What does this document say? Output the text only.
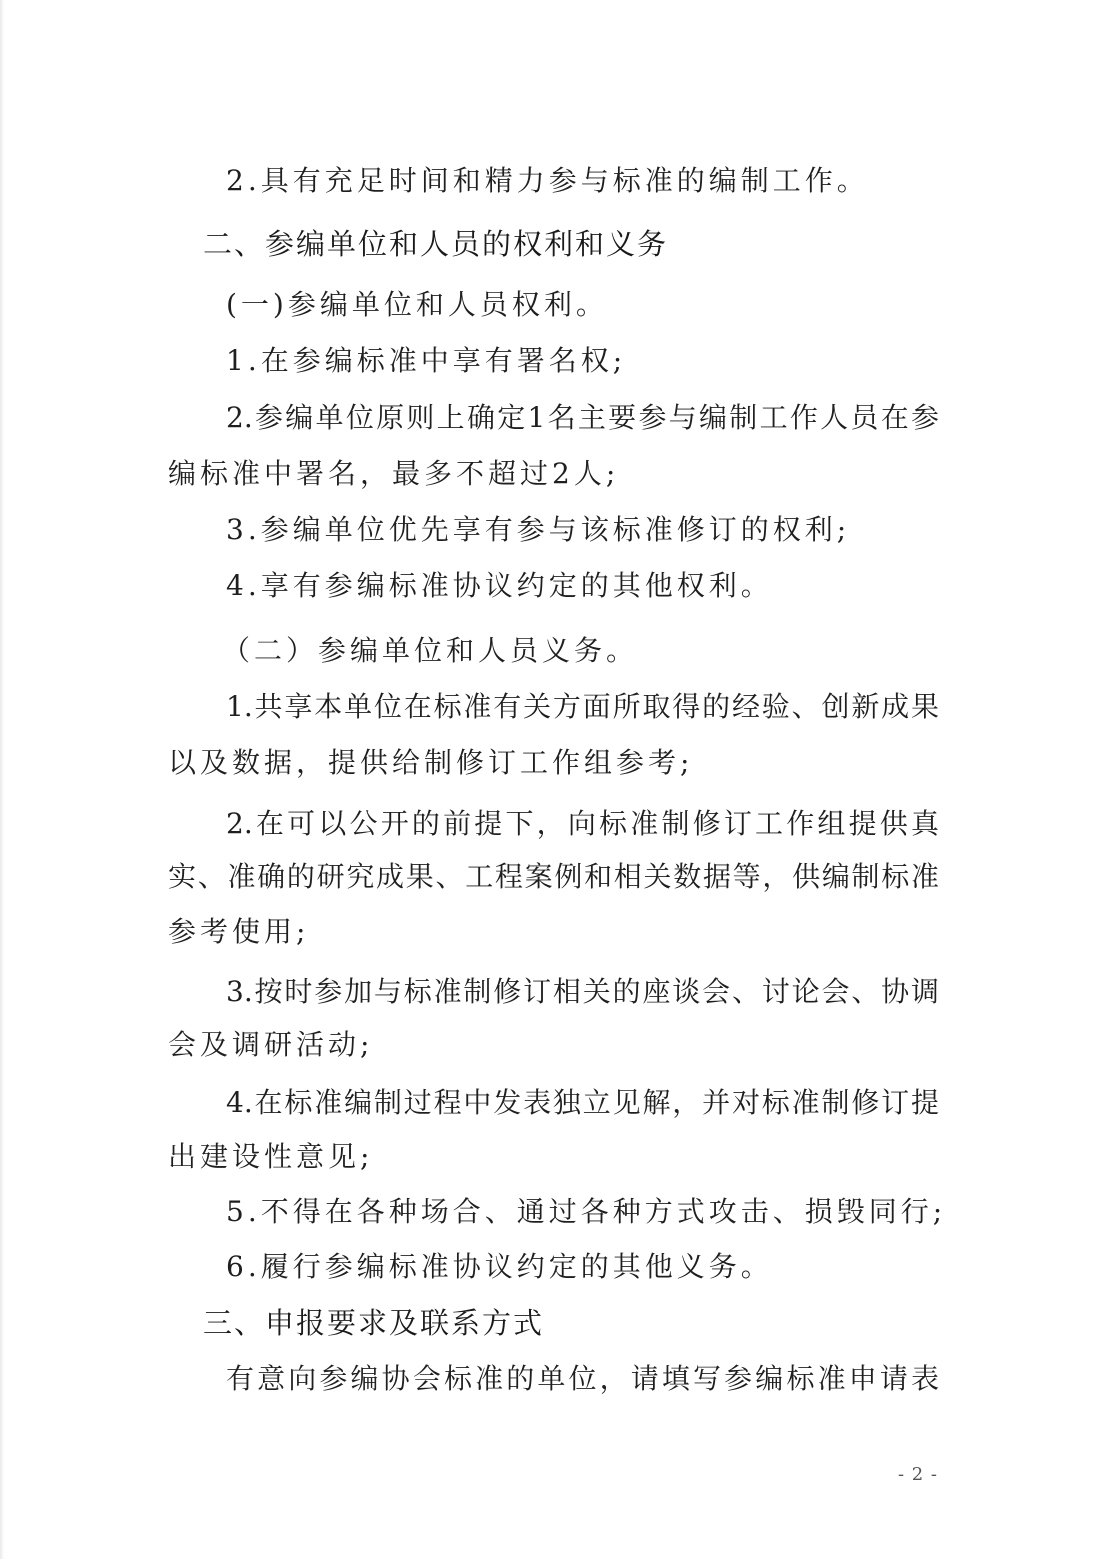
2.具有充足时间和精力参与标准的编制工作。
二、参编单位和人员的权利和义务
(一)参编单位和人员权利。
1.在参编标准中享有署名权;
2.参编单位原则上确定1名主要参与编制工作人员在参
编标准中署名，最多不超过2人;
3.参编单位优先享有参与该标准修订的权利;
4.享有参编标准协议约定的其他权利。
（二）参编单位和人员义务。
1.共享本单位在标准有关方面所取得的经验、创新成果
以及数据，提供给制修订工作组参考;
2.在可以公开的前提下，向标准制修订工作组提供真
实、准确的研究成果、工程案例和相关数据等，供编制标准
参考使用;
3.按时参加与标准制修订相关的座谈会、讨论会、协调
会及调研活动;
4.在标准编制过程中发表独立见解，并对标准制修订提
出建设性意见;
5.不得在各种场合、通过各种方式攻击、损毁同行;
6.履行参编标准协议约定的其他义务。
三、申报要求及联系方式
有意向参编协会标准的单位，请填写参编标准申请表
- 2 -
